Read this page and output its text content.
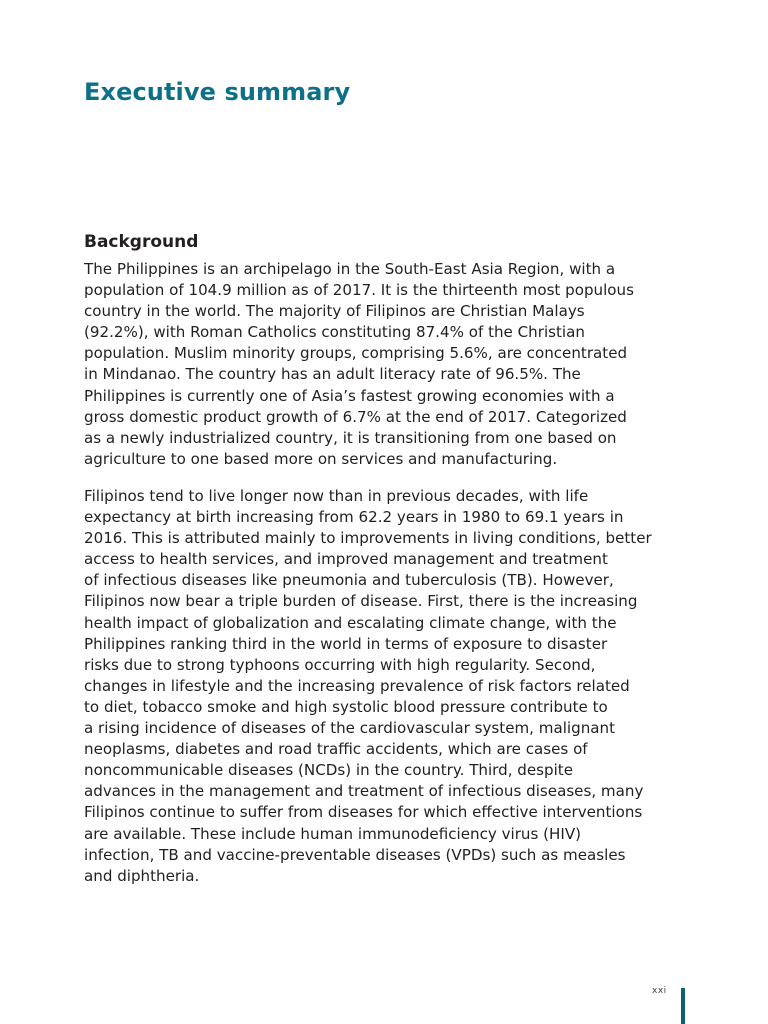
Executive summary
Background
The Philippines is an archipelago in the South-East Asia Region, with a
population of 104.9 million as of 2017. It is the thirteenth most populous
country in the world. The majority of Filipinos are Christian Malays
(92.2%), with Roman Catholics constituting 87.4% of the Christian
population. Muslim minority groups, comprising 5.6%, are concentrated
in Mindanao. The country has an adult literacy rate of 96.5%. The
Philippines is currently one of Asia’s fastest growing economies with a
gross domestic product growth of 6.7% at the end of 2017. Categorized
as a newly industrialized country, it is transitioning from one based on
agriculture to one based more on services and manufacturing.
Filipinos tend to live longer now than in previous decades, with life
expectancy at birth increasing from 62.2 years in 1980 to 69.1 years in
2016. This is attributed mainly to improvements in living conditions, better
access to health services, and improved management and treatment
of infectious diseases like pneumonia and tuberculosis (TB). However,
Filipinos now bear a triple burden of disease. First, there is the increasing
health impact of globalization and escalating climate change, with the
Philippines ranking third in the world in terms of exposure to disaster
risks due to strong typhoons occurring with high regularity. Second,
changes in lifestyle and the increasing prevalence of risk factors related
to diet, tobacco smoke and high systolic blood pressure contribute to
a rising incidence of diseases of the cardiovascular system, malignant
neoplasms, diabetes and road traffic accidents, which are cases of
noncommunicable diseases (NCDs) in the country. Third, despite
advances in the management and treatment of infectious diseases, many
Filipinos continue to suffer from diseases for which effective interventions
are available. These include human immunodeficiency virus (HIV)
infection, TB and vaccine-preventable diseases (VPDs) such as measles
and diphtheria.
xxi
